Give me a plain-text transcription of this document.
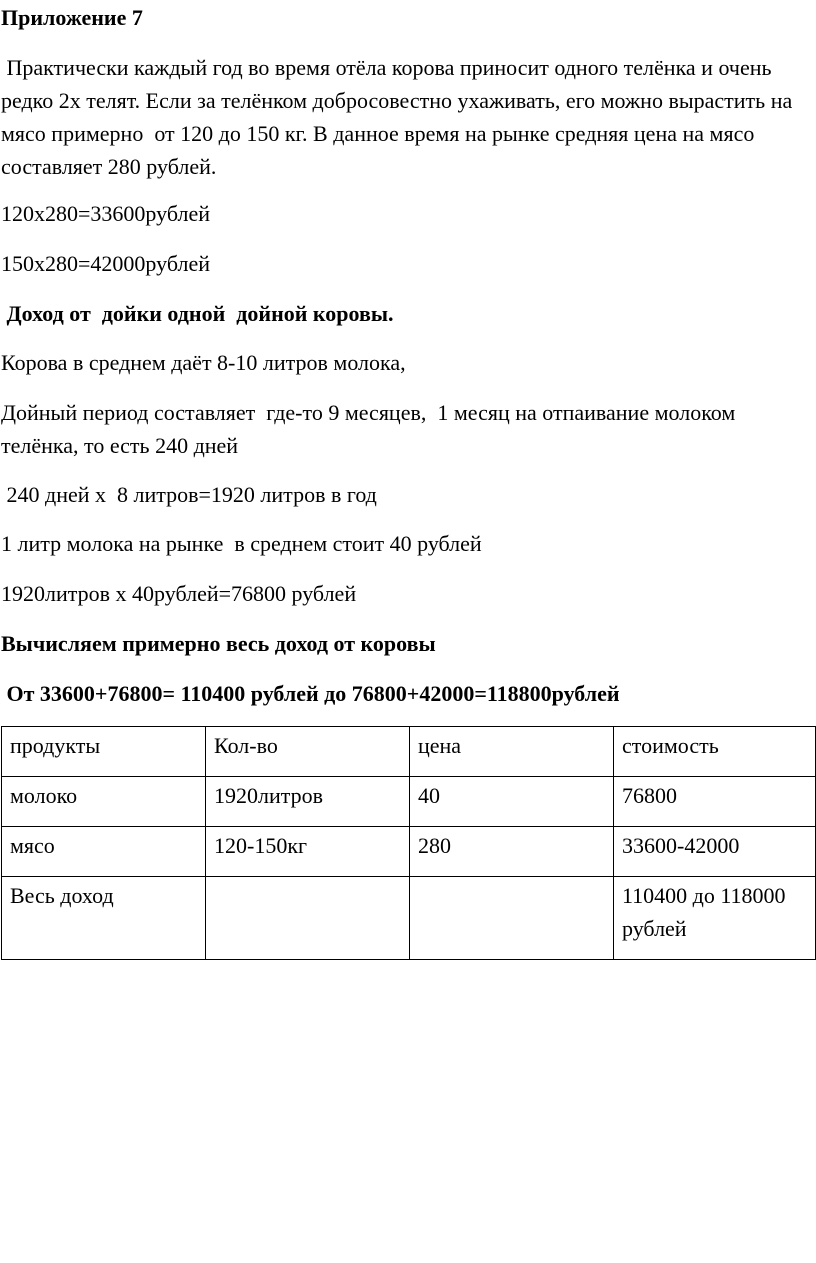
Приложение 7

Практически каждый год во время отёла корова приносит одного телёнка и очень редко 2х телят. Если за телёнком добросовестно ухаживать, его можно вырастить на мясо примерно  от 120 до 150 кг. В данное время на рынке средняя цена на мясо составляет 280 рублей.

120х280=33600рублей

150х280=42000рублей

Доход от  дойки одной  дойной коровы.

Корова в среднем даёт 8-10 литров молока,

Дойный период составляет  где-то 9 месяцев,  1 месяц на отпаивание молоком телёнка, то есть 240 дней

240 дней х  8 литров=1920 литров в год

1 литр молока на рынке  в среднем стоит 40 рублей

1920литров х 40рублей=76800 рублей

Вычисляем примерно весь доход от коровы

От 33600+76800= 110400 рублей до 76800+42000=118800рублей

продукты	Кол-во	цена	стоимость

молоко	1920литров	40	76800

мясо	120-150кг	280	33600-42000

Весь доход			110400 до 118000 рублей
